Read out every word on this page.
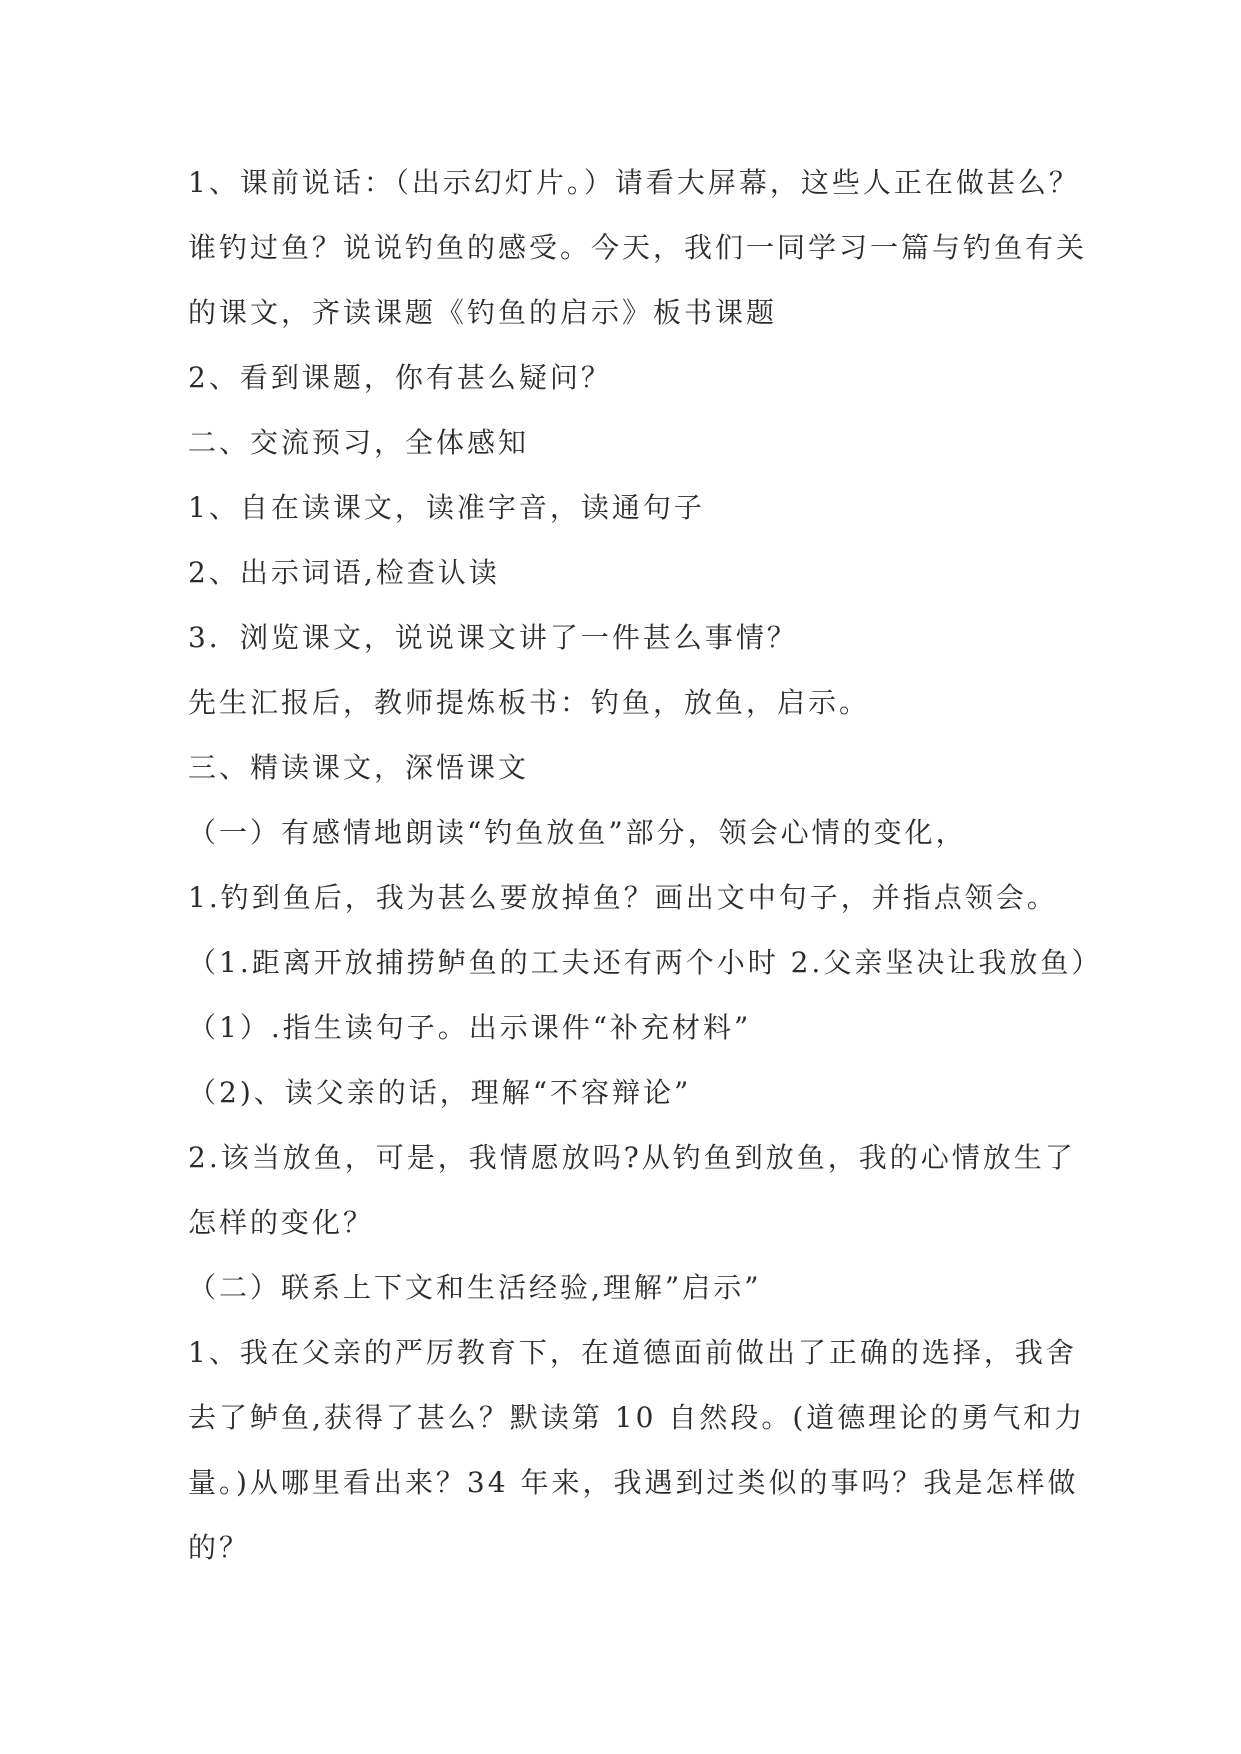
1、课前说话：（出示幻灯片。）请看大屏幕，这些人正在做甚么？
谁钓过鱼？说说钓鱼的感受。今天，我们一同学习一篇与钓鱼有关
的课文，齐读课题《钓鱼的启示》板书课题
2、看到课题，你有甚么疑问？
二、交流预习，全体感知
1、自在读课文，读准字音，读通句子
2、出示词语,检查认读
3．浏览课文，说说课文讲了一件甚么事情？
先生汇报后，教师提炼板书：钓鱼，放鱼，启示。
三、精读课文，深悟课文
（一）有感情地朗读“钓鱼放鱼”部分，领会心情的变化，
1.钓到鱼后，我为甚么要放掉鱼？画出文中句子，并指点领会。
（1.距离开放捕捞鲈鱼的工夫还有两个小时 2.父亲坚决让我放鱼）
（1）.指生读句子。出示课件“补充材料”
（2)、读父亲的话，理解“不容辩论”
2.该当放鱼，可是，我情愿放吗?从钓鱼到放鱼，我的心情放生了
怎样的变化？
（二）联系上下文和生活经验,理解”启示”
1、我在父亲的严厉教育下，在道德面前做出了正确的选择，我舍
去了鲈鱼,获得了甚么？默读第 10 自然段。(道德理论的勇气和力
量。)从哪里看出来？34 年来，我遇到过类似的事吗？我是怎样做
的？
